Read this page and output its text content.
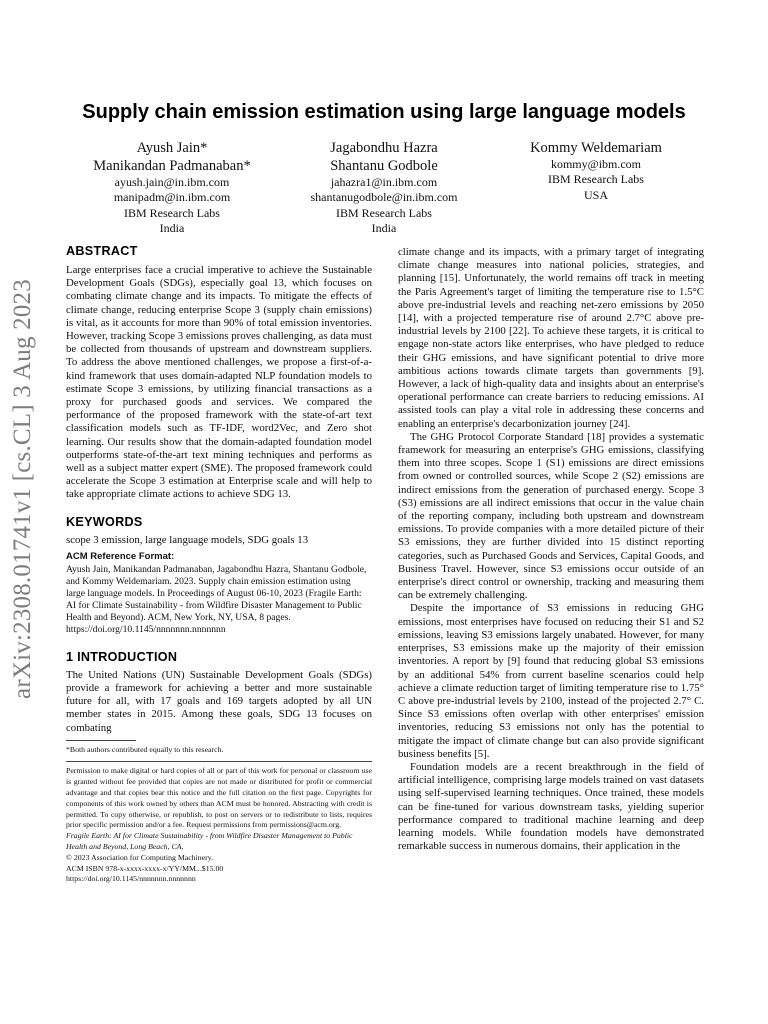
arXiv:2308.01741v1 [cs.CL] 3 Aug 2023
Supply chain emission estimation using large language models
Ayush Jain*
Manikandan Padmanaban*
ayush.jain@in.ibm.com
manipadm@in.ibm.com
IBM Research Labs
India
Jagabondhu Hazra
Shantanu Godbole
jahazra1@in.ibm.com
shantanugodbole@in.ibm.com
IBM Research Labs
India
Kommy Weldemariam
kommy@ibm.com
IBM Research Labs
USA
ABSTRACT

Large enterprises face a crucial imperative to achieve the Sustainable Development Goals (SDGs), especially goal 13, which focuses on combating climate change and its impacts. To mitigate the effects of climate change, reducing enterprise Scope 3 (supply chain emissions) is vital, as it accounts for more than 90% of total emission inventories. However, tracking Scope 3 emissions proves challenging, as data must be collected from thousands of upstream and downstream suppliers. To address the above mentioned challenges, we propose a first-of-a-kind framework that uses domain-adapted NLP foundation models to estimate Scope 3 emissions, by utilizing financial transactions as a proxy for purchased goods and services. We compared the performance of the proposed framework with the state-of-art text classification models such as TF-IDF, word2Vec, and Zero shot learning. Our results show that the domain-adapted foundation model outperforms state-of-the-art text mining techniques and performs as well as a subject matter expert (SME). The proposed framework could accelerate the Scope 3 estimation at Enterprise scale and will help to take appropriate climate actions to achieve SDG 13.

KEYWORDS

scope 3 emission, large language models, SDG goals 13

ACM Reference Format:

Ayush Jain, Manikandan Padmanaban, Jagabondhu Hazra, Shantanu Godbole, and Kommy Weldemariam. 2023. Supply chain emission estimation using large language models. In Proceedings of August 06-10, 2023 (Fragile Earth: AI for Climate Sustainability - from Wildfire Disaster Management to Public Health and Beyond). ACM, New York, NY, USA, 8 pages. https://doi.org/10.1145/nnnnnnn.nnnnnnn

1 INTRODUCTION

The United Nations (UN) Sustainable Development Goals (SDGs) provide a framework for achieving a better and more sustainable future for all, with 17 goals and 169 targets adopted by all UN member states in 2015. Among these goals, SDG 13 focuses on combating

*Both authors contributed equally to this research.

Permission to make digital or hard copies of all or part of this work for personal or classroom use is granted without fee provided that copies are not made or distributed for profit or commercial advantage and that copies bear this notice and the full citation on the first page. Copyrights for components of this work owned by others than ACM must be honored. Abstracting with credit is permitted. To copy otherwise, or republish, to post on servers or to redistribute to lists, requires prior specific permission and/or a fee. Request permissions from permissions@acm.org.

Fragile Earth: AI for Climate Sustainability - from Wildfire Disaster Management to Public Health and Beyond, Long Beach, CA,

© 2023 Association for Computing Machinery.

ACM ISBN 978-x-xxxx-xxxx-x/YY/MM...$15.00

https://doi.org/10.1145/nnnnnnn.nnnnnnn

climate change and its impacts, with a primary target of integrating climate change measures into national policies, strategies, and planning [15]. Unfortunately, the world remains off track in meeting the Paris Agreement's target of limiting the temperature rise to 1.5°C above pre-industrial levels and reaching net-zero emissions by 2050 [14], with a projected temperature rise of around 2.7°C above pre-industrial levels by 2100 [22]. To achieve these targets, it is critical to engage non-state actors like enterprises, who have pledged to reduce their GHG emissions, and have significant potential to drive more ambitious actions towards climate targets than governments [9]. However, a lack of high-quality data and insights about an enterprise's operational performance can create barriers to reducing emissions. AI assisted tools can play a vital role in addressing these concerns and enabling an enterprise's decarbonization journey [24].

The GHG Protocol Corporate Standard [18] provides a systematic framework for measuring an enterprise's GHG emissions, classifying them into three scopes. Scope 1 (S1) emissions are direct emissions from owned or controlled sources, while Scope 2 (S2) emissions are indirect emissions from the generation of purchased energy. Scope 3 (S3) emissions are all indirect emissions that occur in the value chain of the reporting company, including both upstream and downstream emissions. To provide companies with a more detailed picture of their S3 emissions, they are further divided into 15 distinct reporting categories, such as Purchased Goods and Services, Capital Goods, and Business Travel. However, since S3 emissions occur outside of an enterprise's direct control or ownership, tracking and measuring them can be extremely challenging.

Despite the importance of S3 emissions in reducing GHG emissions, most enterprises have focused on reducing their S1 and S2 emissions, leaving S3 emissions largely unabated. However, for many enterprises, S3 emissions make up the majority of their emission inventories. A report by [9] found that reducing global S3 emissions by an additional 54% from current baseline scenarios could help achieve a climate reduction target of limiting temperature rise to 1.75° C above pre-industrial levels by 2100, instead of the projected 2.7° C. Since S3 emissions often overlap with other enterprises' emission inventories, reducing S3 emissions not only has the potential to mitigate the impact of climate change but can also provide significant business benefits [5].

Foundation models are a recent breakthrough in the field of artificial intelligence, comprising large models trained on vast datasets using self-supervised learning techniques. Once trained, these models can be fine-tuned for various downstream tasks, yielding superior performance compared to traditional machine learning and deep learning models. While foundation models have demonstrated remarkable success in numerous domains, their application in the
